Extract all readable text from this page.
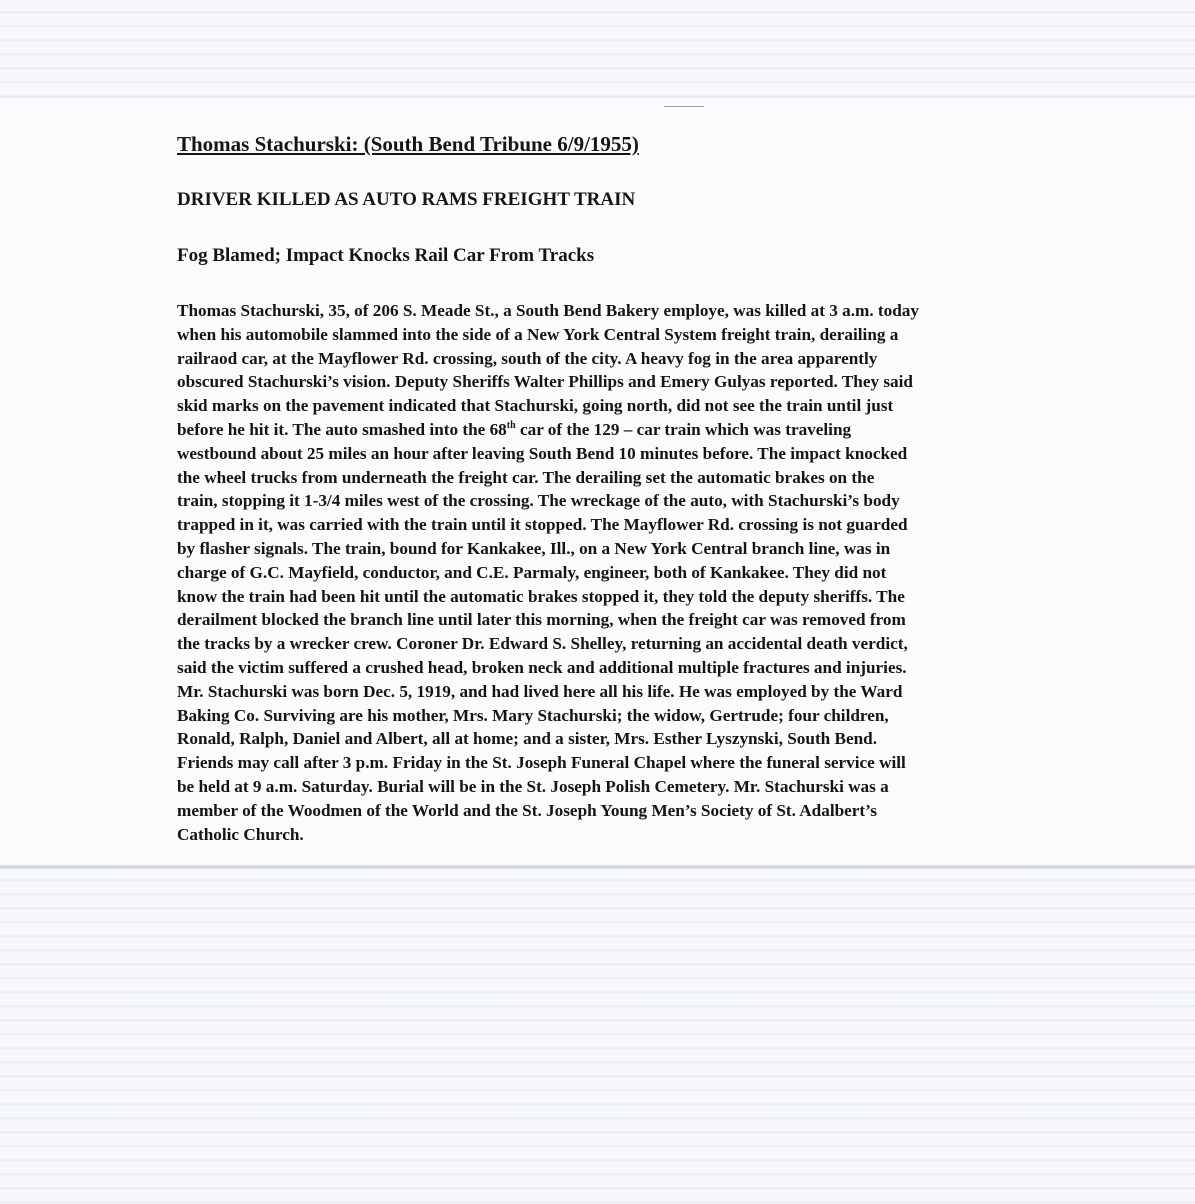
Thomas Stachurski: (South Bend Tribune 6/9/1955)
DRIVER KILLED AS AUTO RAMS FREIGHT TRAIN
Fog Blamed; Impact Knocks Rail Car From Tracks

Thomas Stachurski, 35, of 206 S. Meade St., a South Bend Bakery employe, was killed at 3 a.m. today
when his automobile slammed into the side of a New York Central System freight train, derailing a
railraod car, at the Mayflower Rd. crossing, south of the city. A heavy fog in the area apparently
obscured Stachurski’s vision. Deputy Sheriffs Walter Phillips and Emery Gulyas reported. They said
skid marks on the pavement indicated that Stachurski, going north, did not see the train until just
before he hit it. The auto smashed into the 68th car of the 129 – car train which was traveling
westbound about 25 miles an hour after leaving South Bend 10 minutes before. The impact knocked
the wheel trucks from underneath the freight car. The derailing set the automatic brakes on the
train, stopping it 1-3/4 miles west of the crossing. The wreckage of the auto, with Stachurski’s body
trapped in it, was carried with the train until it stopped. The Mayflower Rd. crossing is not guarded
by flasher signals. The train, bound for Kankakee, Ill., on a New York Central branch line, was in
charge of G.C. Mayfield, conductor, and C.E. Parmaly, engineer, both of Kankakee. They did not
know the train had been hit until the automatic brakes stopped it, they told the deputy sheriffs. The
derailment blocked the branch line until later this morning, when the freight car was removed from
the tracks by a wrecker crew. Coroner Dr. Edward S. Shelley, returning an accidental death verdict,
said the victim suffered a crushed head, broken neck and additional multiple fractures and injuries.
Mr. Stachurski was born Dec. 5, 1919, and had lived here all his life. He was employed by the Ward
Baking Co. Surviving are his mother, Mrs. Mary Stachurski; the widow, Gertrude; four children,
Ronald, Ralph, Daniel and Albert, all at home; and a sister, Mrs. Esther Lyszynski, South Bend.
Friends may call after 3 p.m. Friday in the St. Joseph Funeral Chapel where the funeral service will
be held at 9 a.m. Saturday. Burial will be in the St. Joseph Polish Cemetery. Mr. Stachurski was a
member of the Woodmen of the World and the St. Joseph Young Men’s Society of St. Adalbert’s
Catholic Church.
